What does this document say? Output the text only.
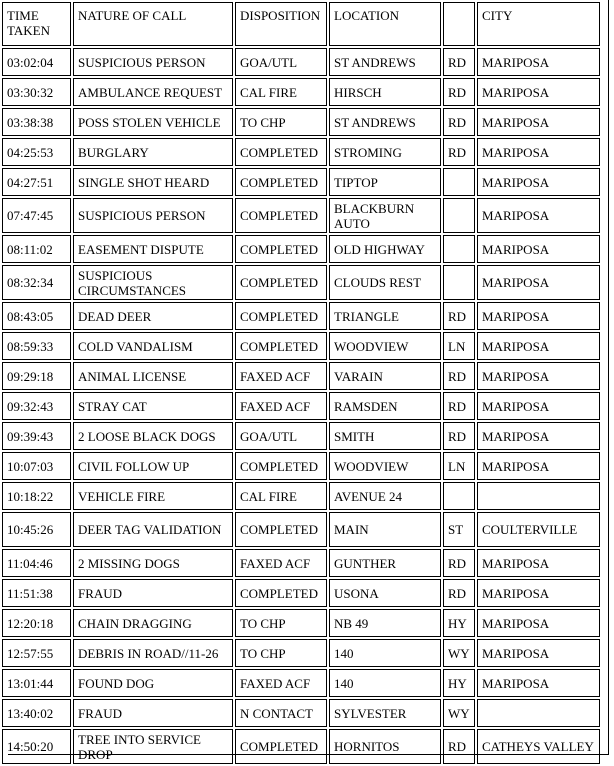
TIME TAKEN	NATURE OF CALL	DISPOSITION	LOCATION		CITY
03:02:04	SUSPICIOUS PERSON	GOA/UTL	ST ANDREWS	RD	MARIPOSA
03:30:32	AMBULANCE REQUEST	CAL FIRE	HIRSCH	RD	MARIPOSA
03:38:38	POSS STOLEN VEHICLE	TO CHP	ST ANDREWS	RD	MARIPOSA
04:25:53	BURGLARY	COMPLETED	STROMING	RD	MARIPOSA
04:27:51	SINGLE SHOT HEARD	COMPLETED	TIPTOP		MARIPOSA
07:47:45	SUSPICIOUS PERSON	COMPLETED	BLACKBURN AUTO		MARIPOSA
08:11:02	EASEMENT DISPUTE	COMPLETED	OLD HIGHWAY		MARIPOSA
08:32:34	SUSPICIOUS CIRCUMSTANCES	COMPLETED	CLOUDS REST		MARIPOSA
08:43:05	DEAD DEER	COMPLETED	TRIANGLE	RD	MARIPOSA
08:59:33	COLD VANDALISM	COMPLETED	WOODVIEW	LN	MARIPOSA
09:29:18	ANIMAL LICENSE	FAXED ACF	VARAIN	RD	MARIPOSA
09:32:43	STRAY CAT	FAXED ACF	RAMSDEN	RD	MARIPOSA
09:39:43	2 LOOSE BLACK DOGS	GOA/UTL	SMITH	RD	MARIPOSA
10:07:03	CIVIL FOLLOW UP	COMPLETED	WOODVIEW	LN	MARIPOSA
10:18:22	VEHICLE FIRE	CAL FIRE	AVENUE 24		
10:45:26	DEER TAG VALIDATION	COMPLETED	MAIN	ST	COULTERVILLE
11:04:46	2 MISSING DOGS	FAXED ACF	GUNTHER	RD	MARIPOSA
11:51:38	FRAUD	COMPLETED	USONA	RD	MARIPOSA
12:20:18	CHAIN DRAGGING	TO CHP	NB 49	HY	MARIPOSA
12:57:55	DEBRIS IN ROAD//11-26	TO CHP	140	WY	MARIPOSA
13:01:44	FOUND DOG	FAXED ACF	140	HY	MARIPOSA
13:40:02	FRAUD	N CONTACT	SYLVESTER	WY	
14:50:20	TREE INTO SERVICE DROP	COMPLETED	HORNITOS	RD	CATHEYS VALLEY
